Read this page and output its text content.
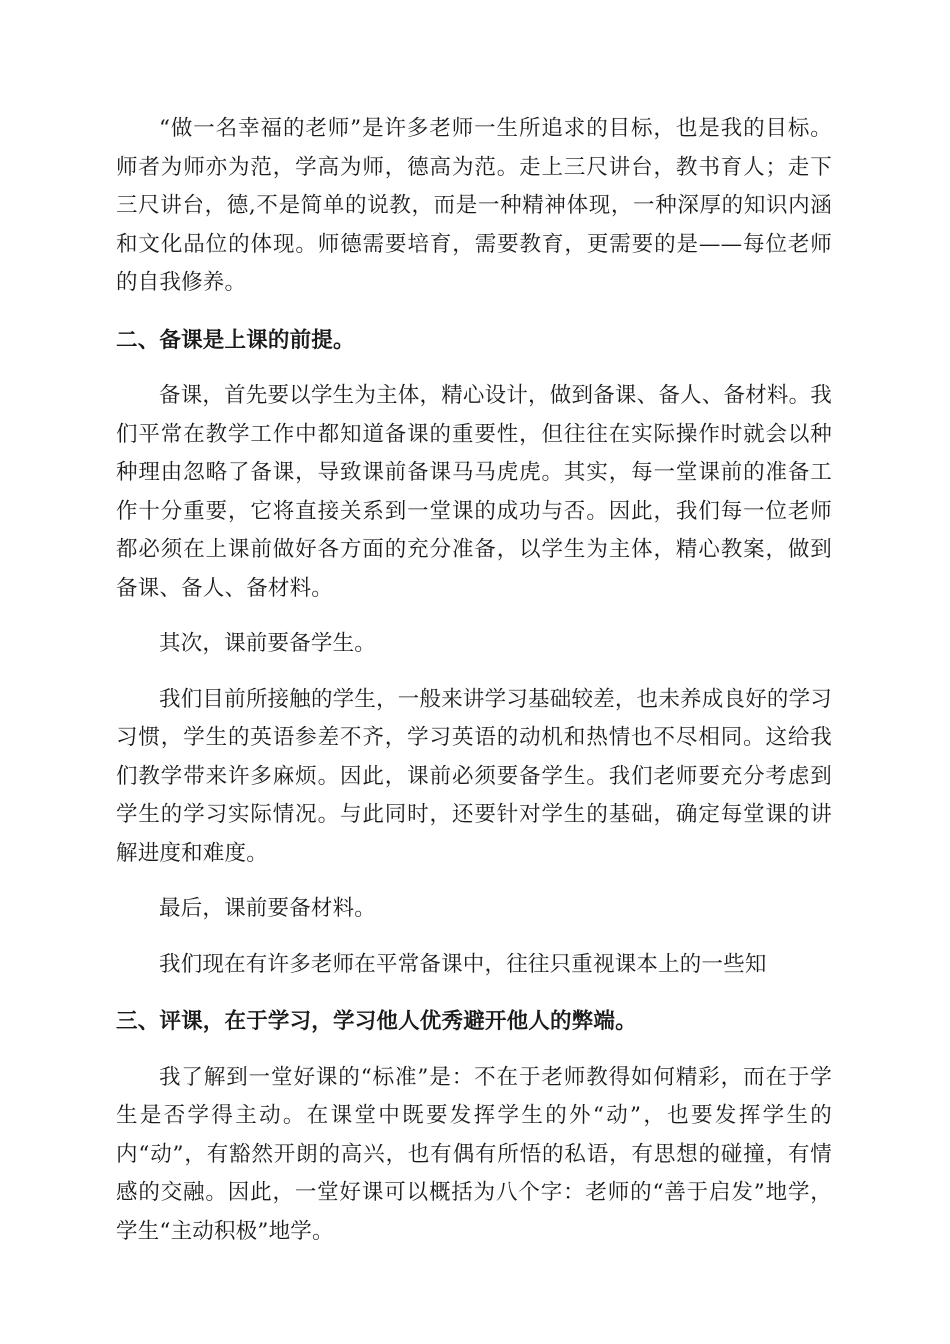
“做一名幸福的老师”是许多老师一生所追求的目标，也是我的目标。师者为师亦为范，学高为师，德高为范。走上三尺讲台，教书育人；走下三尺讲台，德,不是简单的说教，而是一种精神体现，一种深厚的知识内涵和文化品位的体现。师德需要培育，需要教育，更需要的是——每位老师的自我修养。

二、备课是上课的前提。

备课，首先要以学生为主体，精心设计，做到备课、备人、备材料。我们平常在教学工作中都知道备课的重要性，但往往在实际操作时就会以种种理由忽略了备课，导致课前备课马马虎虎。其实，每一堂课前的准备工作十分重要，它将直接关系到一堂课的成功与否。因此，我们每一位老师都必须在上课前做好各方面的充分准备，以学生为主体，精心教案，做到备课、备人、备材料。

其次，课前要备学生。

我们目前所接触的学生，一般来讲学习基础较差，也未养成良好的学习习惯，学生的英语参差不齐，学习英语的动机和热情也不尽相同。这给我们教学带来许多麻烦。因此，课前必须要备学生。我们老师要充分考虑到学生的学习实际情况。与此同时，还要针对学生的基础，确定每堂课的讲解进度和难度。

最后，课前要备材料。

我们现在有许多老师在平常备课中，往往只重视课本上的一些知

三、评课，在于学习，学习他人优秀避开他人的弊端。

我了解到一堂好课的“标准”是：不在于老师教得如何精彩，而在于学生是否学得主动。在课堂中既要发挥学生的外“动”，也要发挥学生的内“动”，有豁然开朗的高兴，也有偶有所悟的私语，有思想的碰撞，有情感的交融。因此，一堂好课可以概括为八个字：老师的“善于启发”地学，学生“主动积极”地学。
